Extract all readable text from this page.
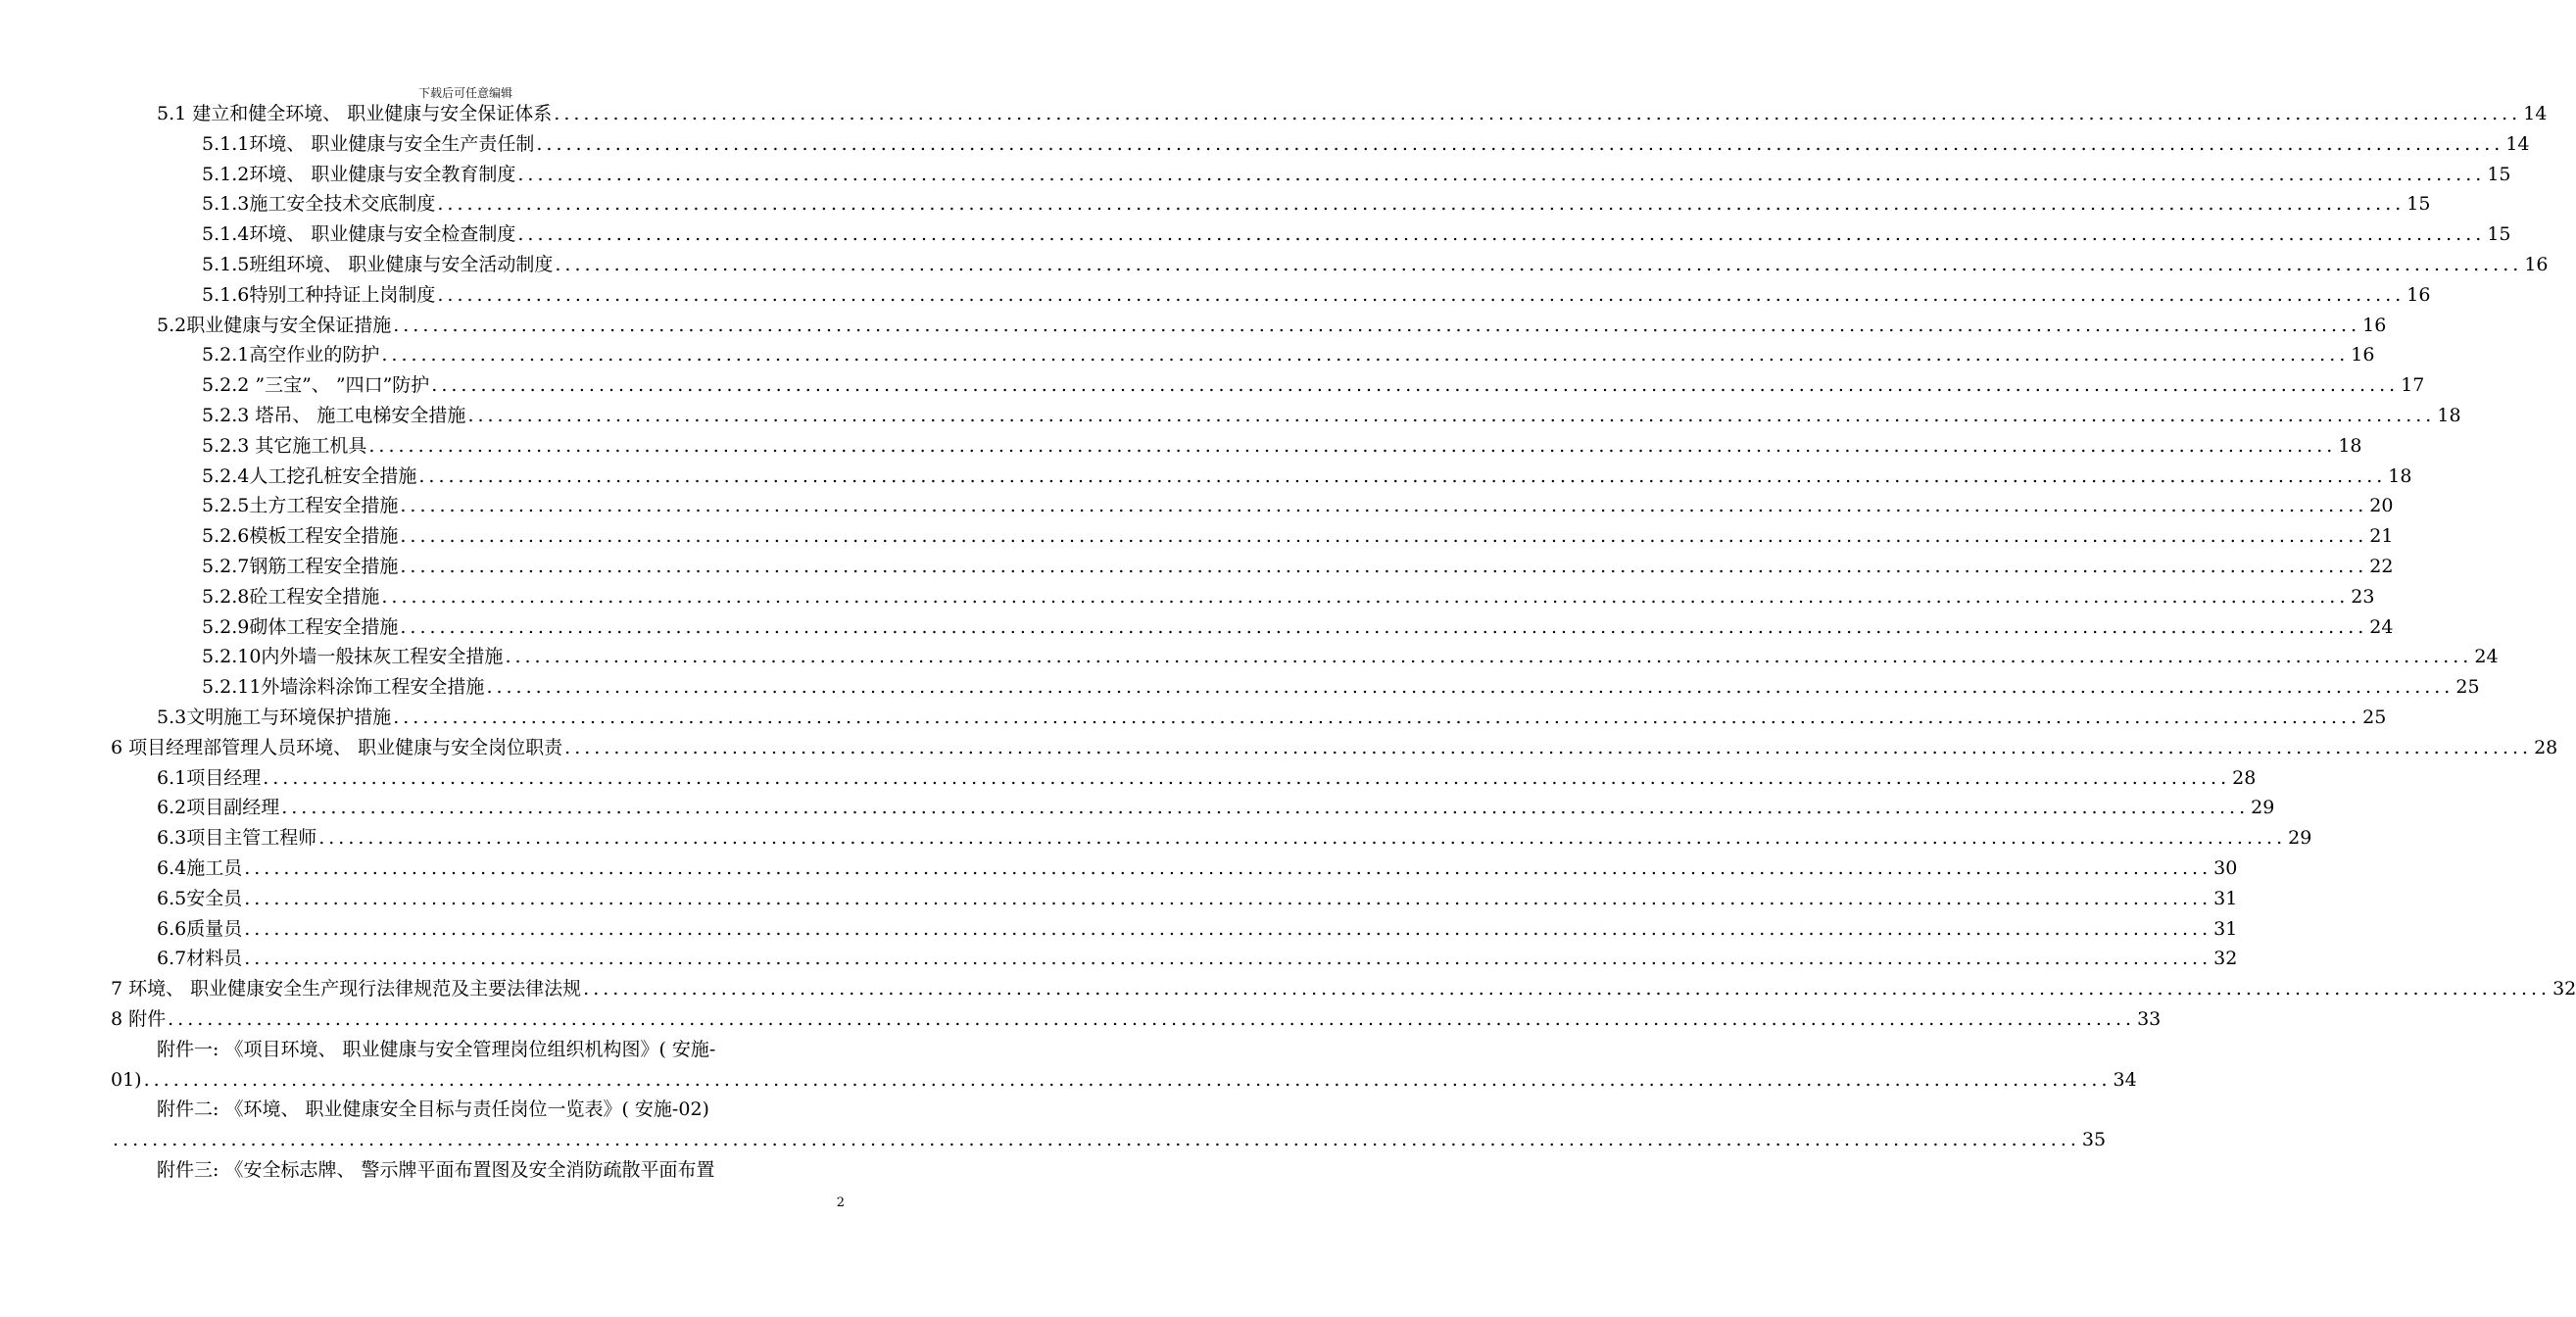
下载后可任意编辑
5.1 建立和健全环境、 职业健康与安全保证体系 ........................................................................................................................................................................................................ 14
5.1.1环境、 职业健康与安全生产责任制 ........................................................................................................................................................................................................ 14
5.1.2环境、 职业健康与安全教育制度 ........................................................................................................................................................................................................ 15
5.1.3施工安全技术交底制度 ........................................................................................................................................................................................................ 15
5.1.4环境、 职业健康与安全检查制度 ........................................................................................................................................................................................................ 15
5.1.5班组环境、 职业健康与安全活动制度 ........................................................................................................................................................................................................ 16
5.1.6特别工种持证上岗制度 ........................................................................................................................................................................................................ 16
5.2职业健康与安全保证措施 ........................................................................................................................................................................................................ 16
5.2.1高空作业的防护 ........................................................................................................................................................................................................ 16
5.2.2 ”三宝”、 ”四口”防护 ........................................................................................................................................................................................................ 17
5.2.3 塔吊、 施工电梯安全措施 ........................................................................................................................................................................................................ 18
5.2.3 其它施工机具 ........................................................................................................................................................................................................ 18
5.2.4人工挖孔桩安全措施 ........................................................................................................................................................................................................ 18
5.2.5土方工程安全措施 ........................................................................................................................................................................................................ 20
5.2.6模板工程安全措施 ........................................................................................................................................................................................................ 21
5.2.7钢筋工程安全措施 ........................................................................................................................................................................................................ 22
5.2.8砼工程安全措施 ........................................................................................................................................................................................................ 23
5.2.9砌体工程安全措施 ........................................................................................................................................................................................................ 24
5.2.10内外墙一般抹灰工程安全措施 ........................................................................................................................................................................................................ 24
5.2.11外墙涂料涂饰工程安全措施 ........................................................................................................................................................................................................ 25
5.3文明施工与环境保护措施 ........................................................................................................................................................................................................ 25
6 项目经理部管理人员环境、 职业健康与安全岗位职责 ........................................................................................................................................................................................................ 28
6.1项目经理 ........................................................................................................................................................................................................ 28
6.2项目副经理 ........................................................................................................................................................................................................ 29
6.3项目主管工程师 ........................................................................................................................................................................................................ 29
6.4施工员 ........................................................................................................................................................................................................ 30
6.5安全员 ........................................................................................................................................................................................................ 31
6.6质量员 ........................................................................................................................................................................................................ 31
6.7材料员 ........................................................................................................................................................................................................ 32
7 环境、 职业健康安全生产现行法律规范及主要法律法规 ........................................................................................................................................................................................................ 32
8 附件 ........................................................................................................................................................................................................ 33
附件一: 《项目环境、 职业健康与安全管理岗位组织机构图》( 安施-
01) ........................................................................................................................................................................................................ 34
附件二: 《环境、 职业健康安全目标与责任岗位一览表》( 安施-02)
........................................................................................................................................................................................................ 35
附件三: 《安全标志牌、 警示牌平面布置图及安全消防疏散平面布置
2
